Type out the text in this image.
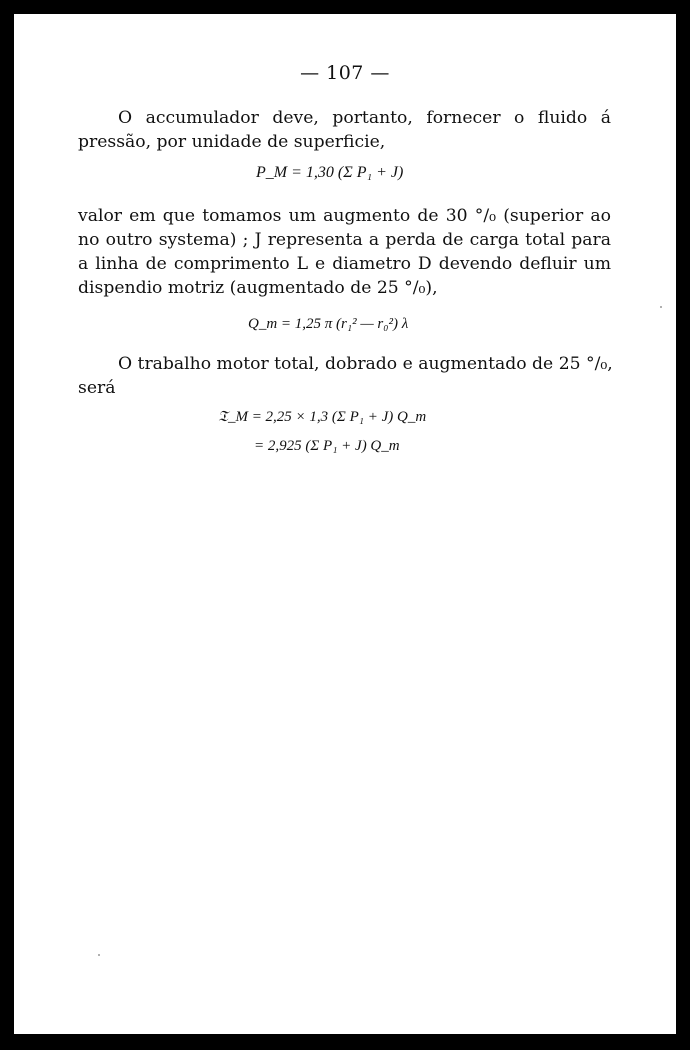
— 107 —
O accumulador deve, portanto, fornecer o fluido á
pressão, por unidade de superficie,
P_M = 1,30 (Σ P₁ + J)
valor em que tomamos um augmento de 30 °/₀ (superior ao
no outro systema) ; J representa a perda de carga total para
a linha de comprimento L e diametro D devendo defluir um
dispendio motriz (augmentado de 25 °/₀),
Q_m = 1,25 π (r₁² — r₀²) λ
O trabalho motor total, dobrado e augmentado de 25 °/₀,
será
𝔗_M = 2,25 × 1,3 (Σ P₁ + J) Q_m
= 2,925 (Σ P₁ + J) Q_m
